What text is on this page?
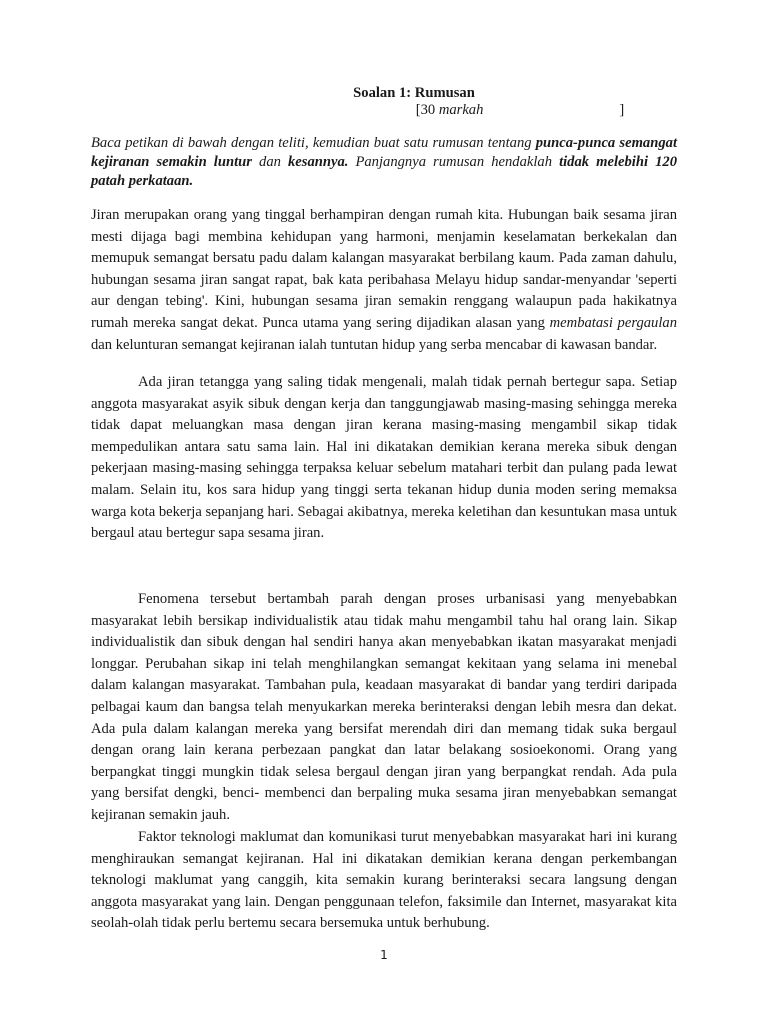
Soalan 1: Rumusan

[30 markah	]

Baca petikan di bawah dengan teliti, kemudian buat satu rumusan tentang punca-punca semangat kejiranan semakin luntur dan kesannya. Panjangnya rumusan hendaklah tidak melebihi 120 patah perkataan.

Jiran merupakan orang yang tinggal berhampiran dengan rumah kita. Hubungan baik sesama jiran mesti dijaga bagi membina kehidupan yang harmoni, menjamin keselamatan berkekalan dan memupuk semangat bersatu padu dalam kalangan masyarakat berbilang kaum. Pada zaman dahulu, hubungan sesama jiran sangat rapat, bak kata peribahasa Melayu hidup sandar-menyandar 'seperti aur dengan tebing'. Kini, hubungan sesama jiran semakin renggang walaupun pada hakikatnya rumah mereka sangat dekat. Punca utama yang sering dijadikan alasan yang membatasi pergaulan dan kelunturan semangat kejiranan ialah tuntutan hidup yang serba mencabar di kawasan bandar.

Ada jiran tetangga yang saling tidak mengenali, malah tidak pernah bertegur sapa. Setiap anggota masyarakat asyik sibuk dengan kerja dan tanggungjawab masing-masing sehingga mereka tidak dapat meluangkan masa dengan jiran kerana masing-masing mengambil sikap tidak mempedulikan antara satu sama lain. Hal ini dikatakan demikian kerana mereka sibuk dengan pekerjaan masing-masing sehingga terpaksa keluar sebelum matahari terbit dan pulang pada lewat malam. Selain itu, kos sara hidup yang tinggi serta tekanan hidup dunia moden sering memaksa warga kota bekerja sepanjang hari. Sebagai akibatnya, mereka keletihan dan kesuntukan masa untuk bergaul atau bertegur sapa sesama jiran.

Fenomena tersebut bertambah parah dengan proses urbanisasi yang menyebabkan masyarakat lebih bersikap individualistik atau tidak mahu mengambil tahu hal orang lain. Sikap individualistik dan sibuk dengan hal sendiri hanya akan menyebabkan ikatan masyarakat menjadi longgar. Perubahan sikap ini telah menghilangkan semangat kekitaan yang selama ini menebal dalam kalangan masyarakat. Tambahan pula, keadaan masyarakat di bandar yang terdiri daripada pelbagai kaum dan bangsa telah menyukarkan mereka berinteraksi dengan lebih mesra dan dekat. Ada pula dalam kalangan mereka yang bersifat merendah diri dan memang tidak suka bergaul dengan orang lain kerana perbezaan pangkat dan latar belakang sosioekonomi. Orang yang berpangkat tinggi mungkin tidak selesa bergaul dengan jiran yang berpangkat rendah. Ada pula yang bersifat dengki, benci- membenci dan berpaling muka sesama jiran menyebabkan semangat kejiranan semakin jauh.

Faktor teknologi maklumat dan komunikasi turut menyebabkan masyarakat hari ini kurang menghiraukan semangat kejiranan. Hal ini dikatakan demikian kerana dengan perkembangan teknologi maklumat yang canggih, kita semakin kurang berinteraksi secara langsung dengan anggota masyarakat yang lain. Dengan penggunaan telefon, faksimile dan Internet, masyarakat kita seolah-olah tidak perlu bertemu secara bersemuka untuk berhubung.

1
